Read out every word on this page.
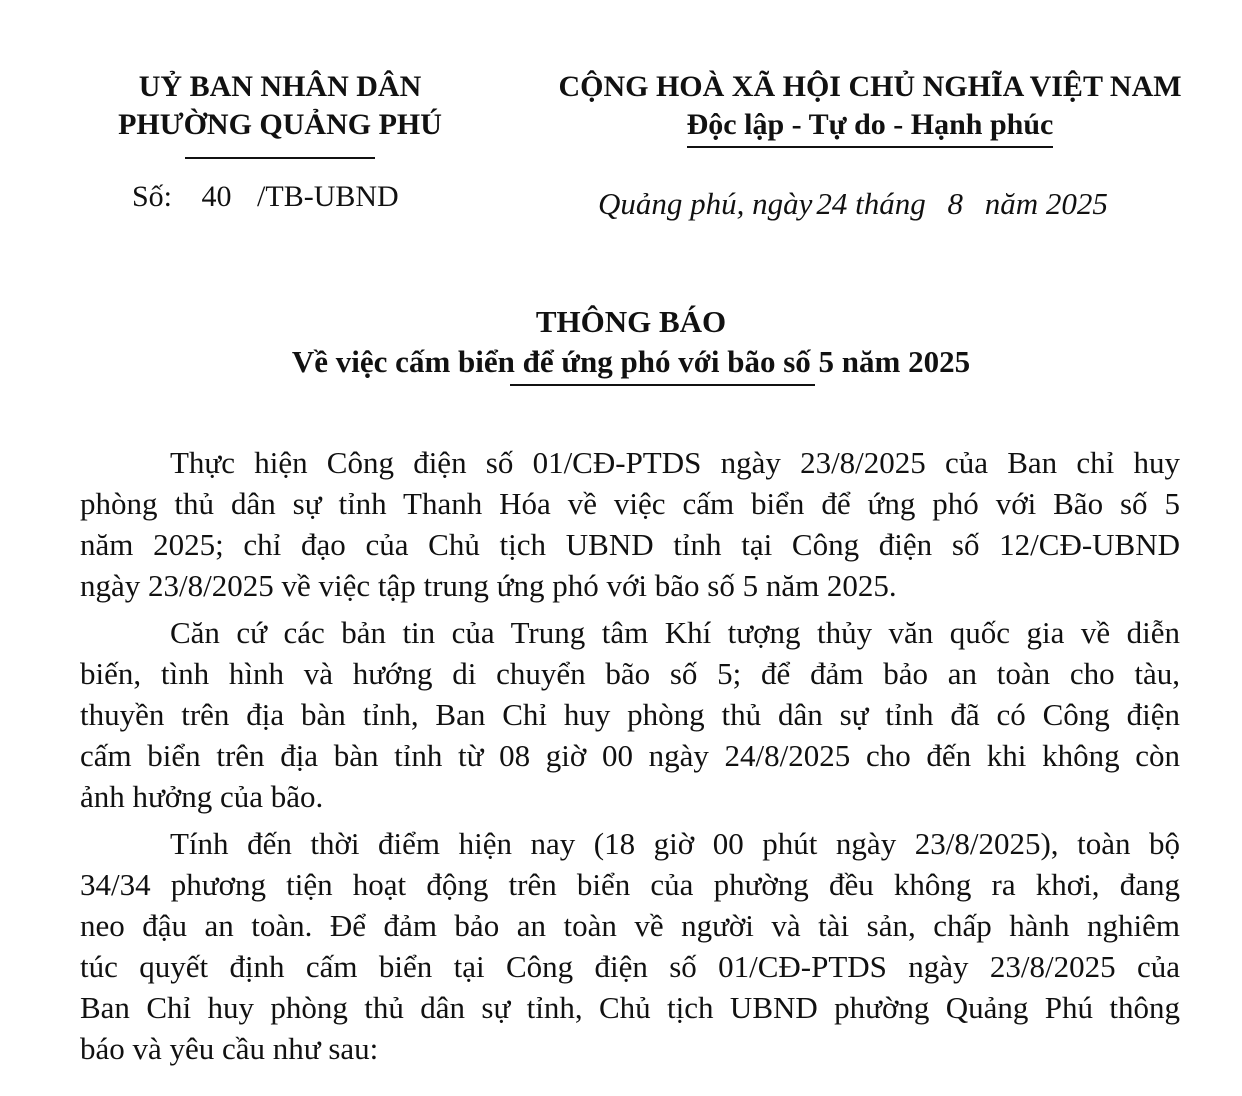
UỶ BAN NHÂN DÂN
PHƯỜNG QUẢNG PHÚ
Số: 40 /TB-UBND
CỘNG HOÀ XÃ HỘI CHỦ NGHĨA VIỆT NAM
Độc lập - Tự do - Hạnh phúc
Quảng phú, ngày 24 tháng 8 năm 2025
THÔNG BÁO
Về việc cấm biển để ứng phó với bão số 5 năm 2025
Thực hiện Công điện số 01/CĐ-PTDS ngày 23/8/2025 của Ban chỉ huy
phòng thủ dân sự tỉnh Thanh Hóa về việc cấm biển để ứng phó với Bão số 5
năm 2025; chỉ đạo của Chủ tịch UBND tỉnh tại Công điện số 12/CĐ-UBND
ngày 23/8/2025 về việc tập trung ứng phó với bão số 5 năm 2025.
Căn cứ các bản tin của Trung tâm Khí tượng thủy văn quốc gia về diễn
biến, tình hình và hướng di chuyển bão số 5; để đảm bảo an toàn cho tàu,
thuyền trên địa bàn tỉnh, Ban Chỉ huy phòng thủ dân sự tỉnh đã có Công điện
cấm biển trên địa bàn tỉnh từ 08 giờ 00 ngày 24/8/2025 cho đến khi không còn
ảnh hưởng của bão.
Tính đến thời điểm hiện nay (18 giờ 00 phút ngày 23/8/2025), toàn bộ
34/34 phương tiện hoạt động trên biển của phường đều không ra khơi, đang
neo đậu an toàn. Để đảm bảo an toàn về người và tài sản, chấp hành nghiêm
túc quyết định cấm biển tại Công điện số 01/CĐ-PTDS ngày 23/8/2025 của
Ban Chỉ huy phòng thủ dân sự tỉnh, Chủ tịch UBND phường Quảng Phú thông
báo và yêu cầu như sau:
